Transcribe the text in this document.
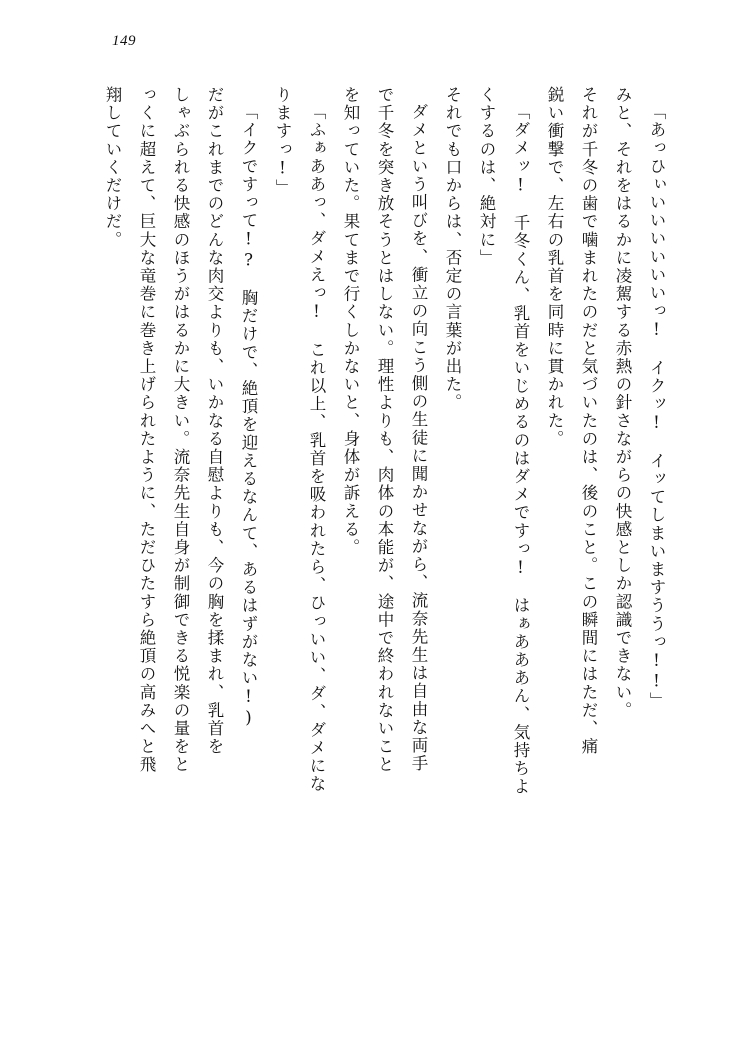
149
翔していくだけだ。 っくに超えて、巨大な竜巻に巻き上げられたように、ただひたすら絶頂の高みへと飛 しゃぶられる快感のほうがはるかに大きい。流奈先生自身が制御できる悦楽の量をと だがこれまでのどんな肉交よりも、いかなる自慰よりも、今の胸を揉まれ、乳首を 「イクですって!?　胸だけで、絶頂を迎えるなんて、あるはずがない!) りますっ!」 「ふぁああっ、ダメえっ!　これ以上、乳首を吸われたら、ひっいい、ダ、ダメにな を知っていた。果てまで行くしかないと、身体が訴える。 で千冬を突き放そうとはしない。理性よりも、肉体の本能が、途中で終われないこと ダメという叫びを、衝立の向こう側の生徒に聞かせながら、流奈先生は自由な両手 それでも口からは、否定の言葉が出た。 くするのは、絶対に」 「ダメッ!　千冬くん、乳首をいじめるのはダメですっ!　はぁあああん、気持ちよ 鋭い衝撃で、左右の乳首を同時に貫かれた。 それが千冬の歯で噛まれたのだと気づいたのは、後のこと。この瞬間にはただ、痛 みと、それをはるかに凌駕する赤熱の針さながらの快感としか認識できない。 「あっひぃいいいいいいっ!　イクッ!　イッてしまいますううっ!!」
